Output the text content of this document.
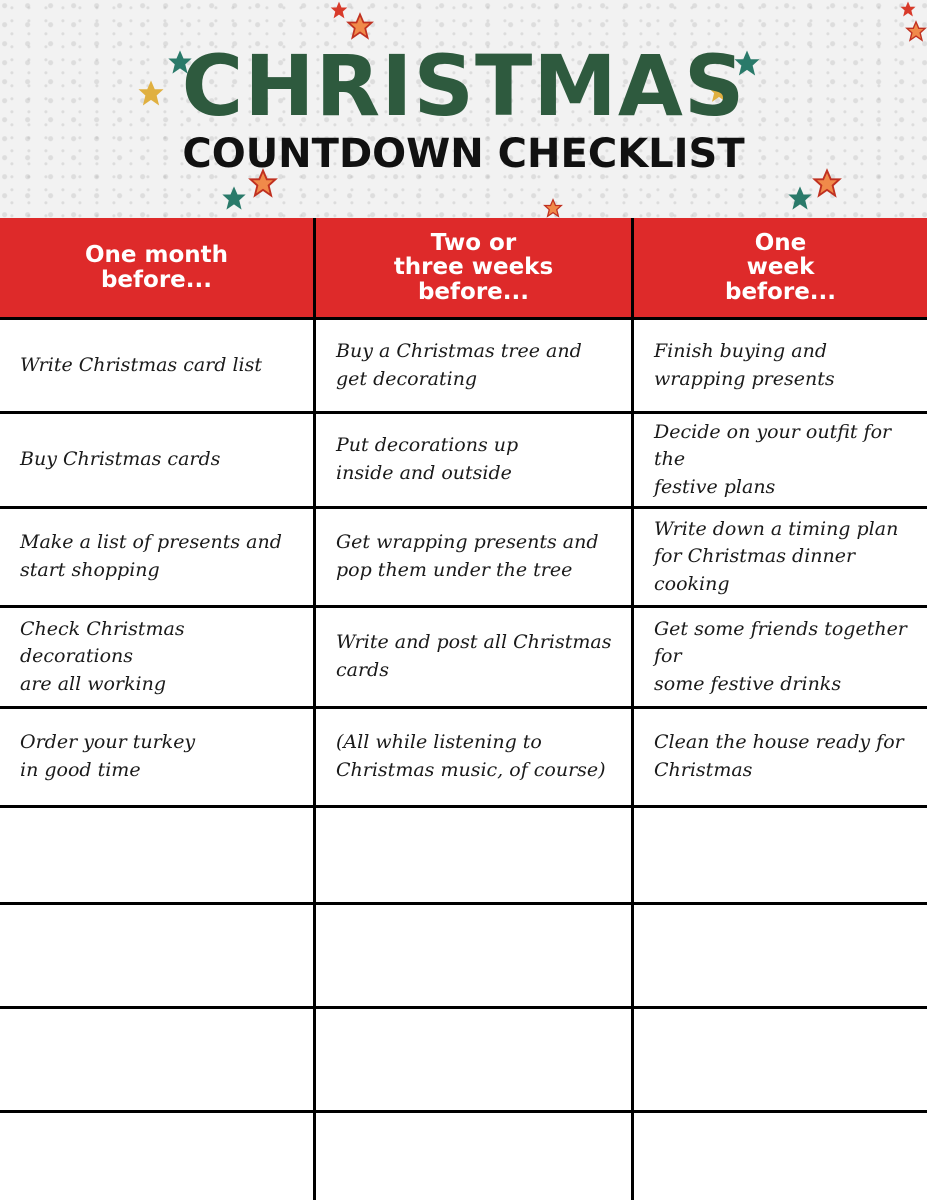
CHRISTMAS
COUNTDOWN CHECKLIST
One month
before...
Two or
three weeks
before...
One
week
before...
Write Christmas card list
Buy a Christmas tree and
get decorating
Finish buying and
wrapping presents
Buy Christmas cards
Put decorations up
inside and outside
Decide on your outfit for the
festive plans
Make a list of presents and
start shopping
Get wrapping presents and
pop them under the tree
Write down a timing plan
for Christmas dinner cooking
Check Christmas decorations
are all working
Write and post all Christmas
cards
Get some friends together for
some festive drinks
Order your turkey
in good time
(All while listening to
Christmas music, of course)
Clean the house ready for
Christmas
